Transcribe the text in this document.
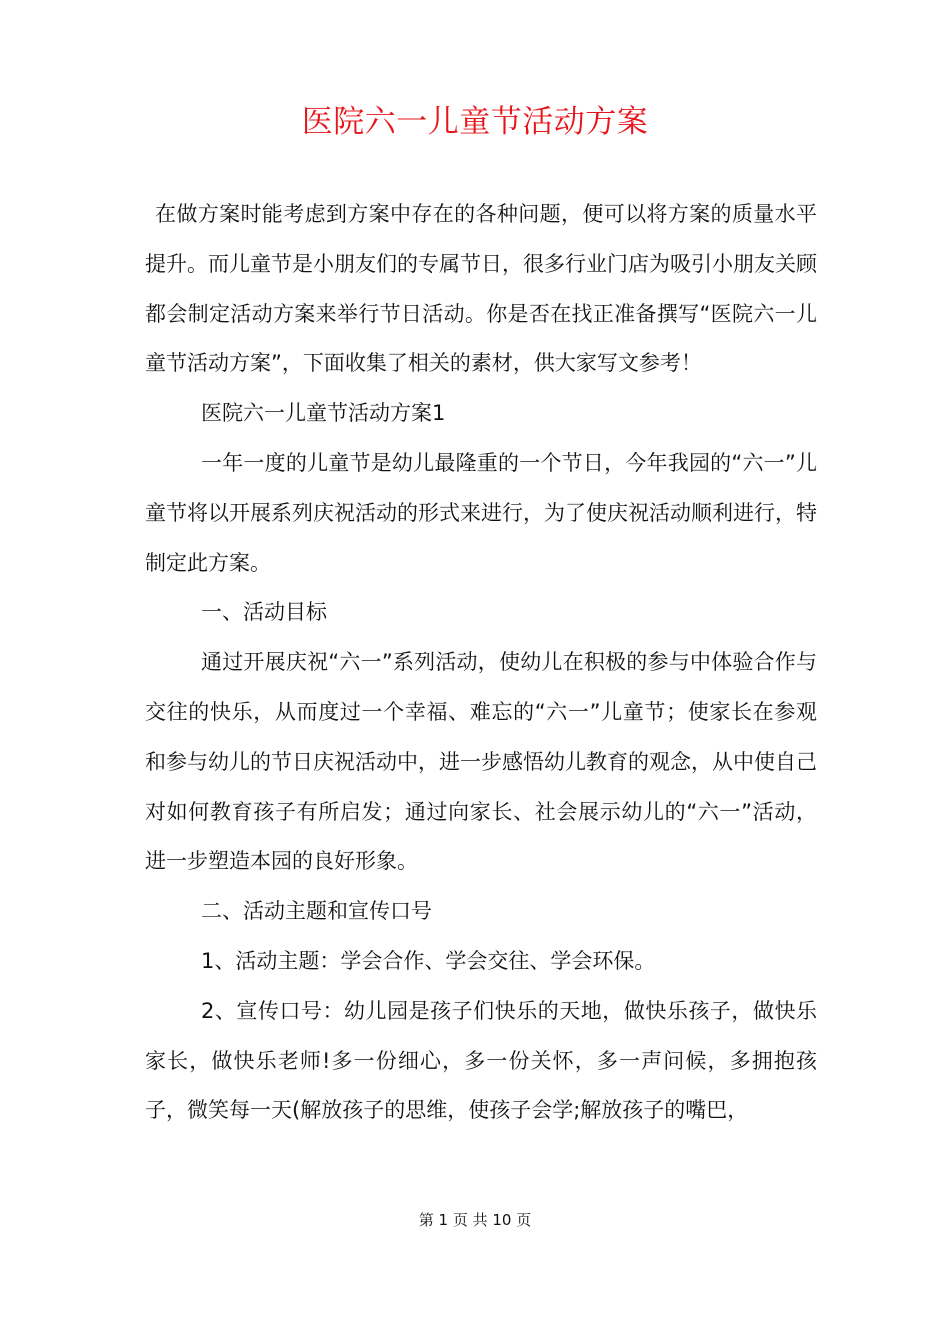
医院六一儿童节活动方案

在做方案时能考虑到方案中存在的各种问题，便可以将方案的质量水平提升。而儿童节是小朋友们的专属节日，很多行业门店为吸引小朋友关顾都会制定活动方案来举行节日活动。你是否在找正准备撰写“医院六一儿童节活动方案”，下面收集了相关的素材，供大家写文参考！

医院六一儿童节活动方案1

一年一度的儿童节是幼儿最隆重的一个节日，今年我园的“六一”儿童节将以开展系列庆祝活动的形式来进行，为了使庆祝活动顺利进行，特制定此方案。

一、活动目标

通过开展庆祝“六一”系列活动，使幼儿在积极的参与中体验合作与交往的快乐，从而度过一个幸福、难忘的“六一”儿童节；使家长在参观和参与幼儿的节日庆祝活动中，进一步感悟幼儿教育的观念，从中使自己对如何教育孩子有所启发；通过向家长、社会展示幼儿的“六一”活动，进一步塑造本园的良好形象。

二、活动主题和宣传口号

1、活动主题：学会合作、学会交往、学会环保。

2、宣传口号：幼儿园是孩子们快乐的天地，做快乐孩子，做快乐家长，做快乐老师!多一份细心，多一份关怀，多一声问候，多拥抱孩子，微笑每一天(解放孩子的思维，使孩子会学;解放孩子的嘴巴，

第 1 页 共 10 页
